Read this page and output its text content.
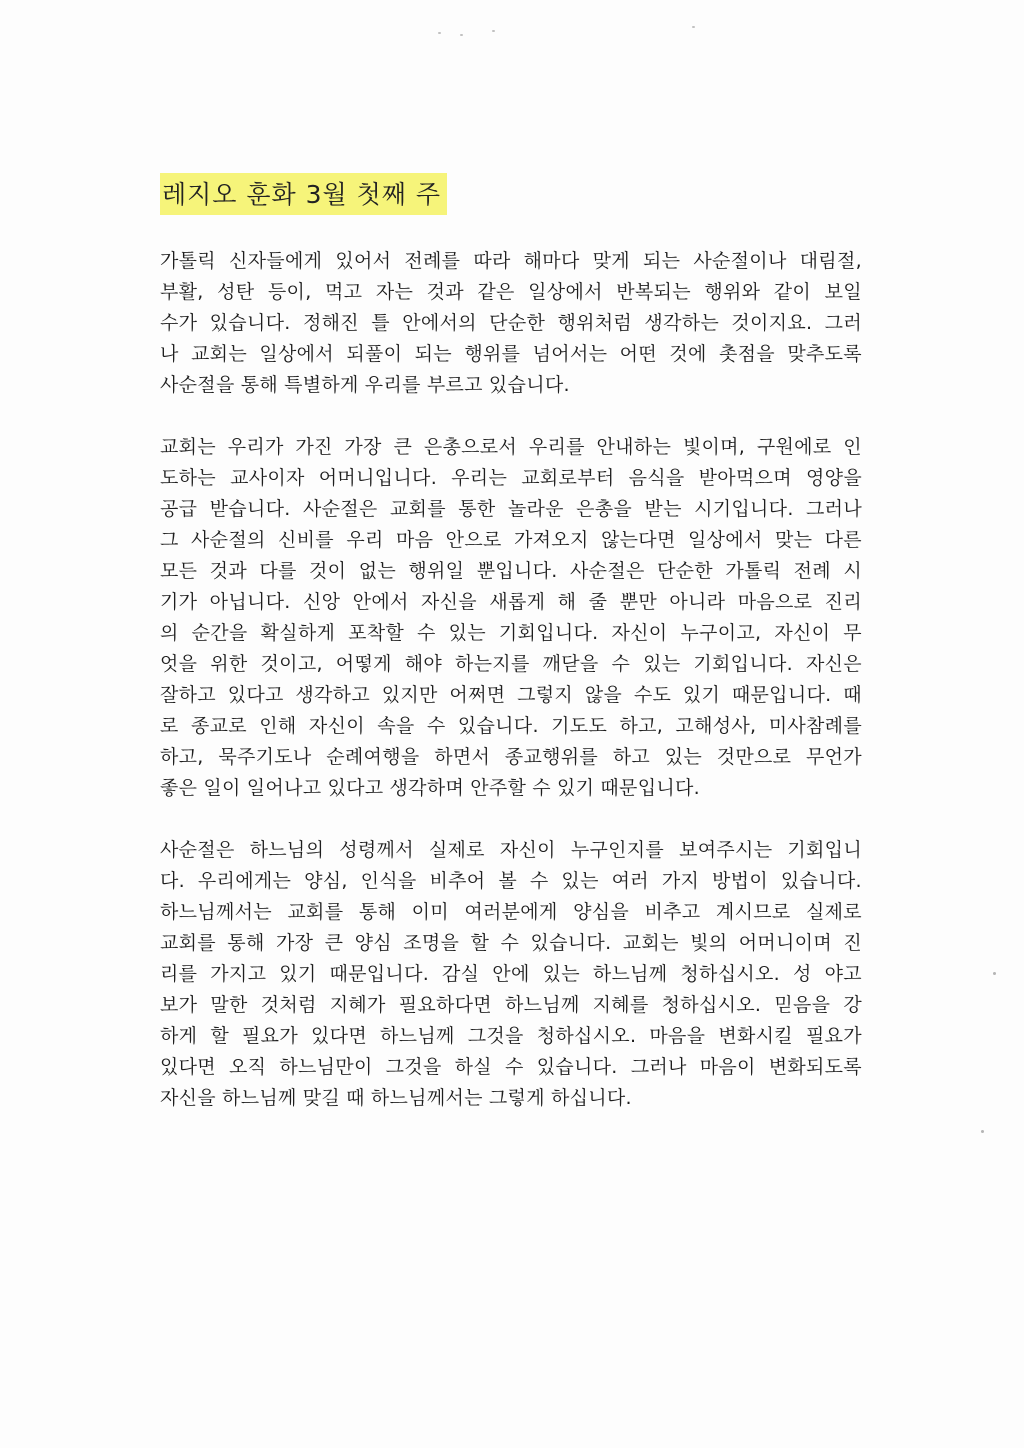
레지오 훈화 3월 첫째 주
가톨릭 신자들에게 있어서 전례를 따라 해마다 맞게 되는 사순절이나 대림절,
부활, 성탄 등이, 먹고 자는 것과 같은 일상에서 반복되는 행위와 같이 보일
수가 있습니다. 정해진 틀 안에서의 단순한 행위처럼 생각하는 것이지요. 그러
나 교회는 일상에서 되풀이 되는 행위를 넘어서는 어떤 것에 촛점을 맞추도록
사순절을 통해 특별하게 우리를 부르고 있습니다.
교회는 우리가 가진 가장 큰 은총으로서 우리를 안내하는 빛이며, 구원에로 인
도하는 교사이자 어머니입니다. 우리는 교회로부터 음식을 받아먹으며 영양을
공급 받습니다. 사순절은 교회를 통한 놀라운 은총을 받는 시기입니다. 그러나
그 사순절의 신비를 우리 마음 안으로 가져오지 않는다면 일상에서 맞는 다른
모든 것과 다를 것이 없는 행위일 뿐입니다. 사순절은 단순한 가톨릭 전례 시
기가 아닙니다. 신앙 안에서 자신을 새롭게 해 줄 뿐만 아니라 마음으로 진리
의 순간을 확실하게 포착할 수 있는 기회입니다. 자신이 누구이고, 자신이 무
엇을 위한 것이고, 어떻게 해야 하는지를 깨닫을 수 있는 기회입니다. 자신은
잘하고 있다고 생각하고 있지만 어쩌면 그렇지 않을 수도 있기 때문입니다. 때
로 종교로 인해 자신이 속을 수 있습니다. 기도도 하고, 고해성사, 미사참례를
하고, 묵주기도나 순례여행을 하면서 종교행위를 하고 있는 것만으로 무언가
좋은 일이 일어나고 있다고 생각하며 안주할 수 있기 때문입니다.
사순절은 하느님의 성령께서 실제로 자신이 누구인지를 보여주시는 기회입니
다. 우리에게는 양심, 인식을 비추어 볼 수 있는 여러 가지 방법이 있습니다.
하느님께서는 교회를 통해 이미 여러분에게 양심을 비추고 계시므로 실제로
교회를 통해 가장 큰 양심 조명을 할 수 있습니다. 교회는 빛의 어머니이며 진
리를 가지고 있기 때문입니다. 감실 안에 있는 하느님께 청하십시오. 성 야고
보가 말한 것처럼 지혜가 필요하다면 하느님께 지혜를 청하십시오. 믿음을 강
하게 할 필요가 있다면 하느님께 그것을 청하십시오. 마음을 변화시킬 필요가
있다면 오직 하느님만이 그것을 하실 수 있습니다. 그러나 마음이 변화되도록
자신을 하느님께 맞길 때 하느님께서는 그렇게 하십니다.
